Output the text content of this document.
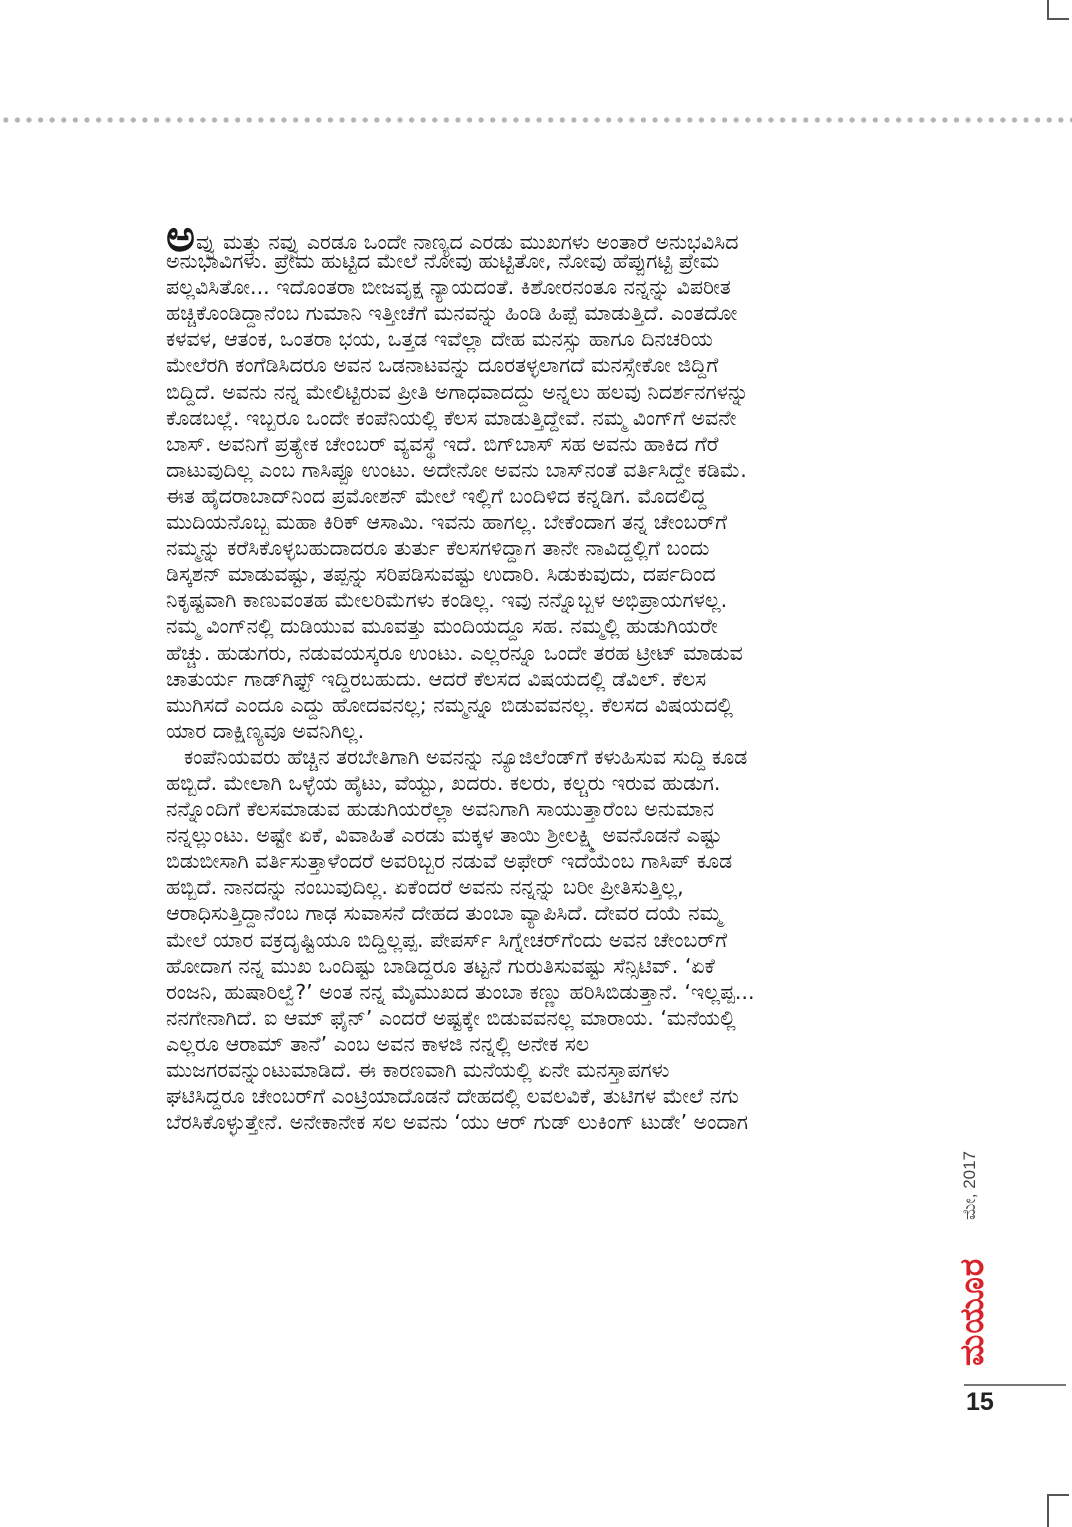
ಅವ್ವು ಮತ್ತು ನವ್ವು ಎರಡೂ ಒಂದೇ ನಾಣ್ಯದ ಎರಡು ಮುಖಗಳು ಅಂತಾರೆ ಅನುಭವಿಸಿದ
ಅನುಭಾವಿಗಳು. ಪ್ರೇಮ ಹುಟ್ಟಿದ ಮೇಲೆ ನೋವು ಹುಟ್ಟಿತೋ, ನೋವು ಹೆಪ್ಪುಗಟ್ಟಿ ಪ್ರೇಮ
ಪಲ್ಲವಿಸಿತೋ... ಇದೊಂತರಾ ಬೀಜವೃಕ್ಷ ನ್ಯಾಯದಂತೆ. ಕಿಶೋರನಂತೂ ನನ್ನನ್ನು ವಿಪರೀತ
ಹಚ್ಚಿಕೊಂಡಿದ್ದಾನೆಂಬ ಗುಮಾನಿ ಇತ್ತೀಚೆಗೆ ಮನವನ್ನು ಹಿಂಡಿ ಹಿಪ್ಪೆ ಮಾಡುತ್ತಿದೆ. ಎಂತದೋ
ಕಳವಳ, ಆತಂಕ, ಒಂತರಾ ಭಯ, ಒತ್ತಡ ಇವೆಲ್ಲಾ ದೇಹ ಮನಸ್ಸು ಹಾಗೂ ದಿನಚರಿಯ
ಮೇಲೆರಗಿ ಕಂಗೆಡಿಸಿದರೂ ಅವನ ಒಡನಾಟವನ್ನು ದೂರತಳ್ಳಲಾಗದೆ ಮನಸ್ಸೇಕೋ ಜಿದ್ದಿಗೆ
ಬಿದ್ದಿದೆ. ಅವನು ನನ್ನ ಮೇಲಿಟ್ಟಿರುವ ಪ್ರೀತಿ ಅಗಾಧವಾದದ್ದು ಅನ್ನಲು ಹಲವು ನಿದರ್ಶನಗಳನ್ನು
ಕೊಡಬಲ್ಲೆ. ಇಬ್ಬರೂ ಒಂದೇ ಕಂಪೆನಿಯಲ್ಲಿ ಕೆಲಸ ಮಾಡುತ್ತಿದ್ದೇವೆ. ನಮ್ಮ ವಿಂಗ್‌ಗೆ ಅವನೇ
ಬಾಸ್. ಅವನಿಗೆ ಪ್ರತ್ಯೇಕ ಚೇಂಬರ್ ವ್ಯವಸ್ಥೆ ಇದೆ. ಬಿಗ್‌ಬಾಸ್ ಸಹ ಅವನು ಹಾಕಿದ ಗೆರೆ
ದಾಟುವುದಿಲ್ಲ ಎಂಬ ಗಾಸಿಪ್ಪೂ ಉಂಟು. ಅದೇನೋ ಅವನು ಬಾಸ್‌ನಂತೆ ವರ್ತಿಸಿದ್ದೇ ಕಡಿಮೆ.
ಈತ ಹೈದರಾಬಾದ್‌ನಿಂದ ಪ್ರಮೋಶನ್ ಮೇಲೆ ಇಲ್ಲಿಗೆ ಬಂದಿಳಿದ ಕನ್ನಡಿಗ. ಮೊದಲಿದ್ದ
ಮುದಿಯನೊಬ್ಬ ಮಹಾ ಕಿರಿಕ್ ಆಸಾಮಿ. ಇವನು ಹಾಗಲ್ಲ. ಬೇಕೆಂದಾಗ ತನ್ನ ಚೇಂಬರ್‌ಗೆ
ನಮ್ಮನ್ನು ಕರೆಸಿಕೊಳ್ಳಬಹುದಾದರೂ ತುರ್ತು ಕೆಲಸಗಳಿದ್ದಾಗ ತಾನೇ ನಾವಿದ್ದಲ್ಲಿಗೆ ಬಂದು
ಡಿಸ್ಕಶನ್ ಮಾಡುವಷ್ಟು, ತಪ್ಪನ್ನು ಸರಿಪಡಿಸುವಷ್ಟು ಉದಾರಿ. ಸಿಡುಕುವುದು, ದರ್ಪದಿಂದ
ನಿಕೃಷ್ಟವಾಗಿ ಕಾಣುವಂತಹ ಮೇಲರಿಮೆಗಳು ಕಂಡಿಲ್ಲ. ಇವು ನನ್ನೊಬ್ಬಳ ಅಭಿಪ್ರಾಯಗಳಲ್ಲ.
ನಮ್ಮ ವಿಂಗ್‌ನಲ್ಲಿ ದುಡಿಯುವ ಮೂವತ್ತು ಮಂದಿಯದ್ದೂ ಸಹ. ನಮ್ಮಲ್ಲಿ ಹುಡುಗಿಯರೇ
ಹೆಚ್ಚು. ಹುಡುಗರು, ನಡುವಯಸ್ಕರೂ ಉಂಟು. ಎಲ್ಲರನ್ನೂ ಒಂದೇ ತರಹ ಟ್ರೀಟ್ ಮಾಡುವ
ಚಾತುರ್ಯ ಗಾಡ್‌ಗಿಫ್ಟ್ ಇದ್ದಿರಬಹುದು. ಆದರೆ ಕೆಲಸದ ವಿಷಯದಲ್ಲಿ ಡೆವಿಲ್. ಕೆಲಸ
ಮುಗಿಸದೆ ಎಂದೂ ಎದ್ದು ಹೋದವನಲ್ಲ; ನಮ್ಮನ್ನೂ ಬಿಡುವವನಲ್ಲ. ಕೆಲಸದ ವಿಷಯದಲ್ಲಿ
ಯಾರ ದಾಕ್ಷಿಣ್ಯವೂ ಅವನಿಗಿಲ್ಲ.

ಕಂಪೆನಿಯವರು ಹೆಚ್ಚಿನ ತರಬೇತಿಗಾಗಿ ಅವನನ್ನು ನ್ಯೂಜಿಲೆಂಡ್‌ಗೆ ಕಳುಹಿಸುವ ಸುದ್ದಿ ಕೂಡ
ಹಬ್ಬಿದೆ. ಮೇಲಾಗಿ ಒಳ್ಳೆಯ ಹೈಟು, ವೆಯ್ಟು, ಖದರು. ಕಲರು, ಕಲ್ಚರು ಇರುವ ಹುಡುಗ.
ನನ್ನೊಂದಿಗೆ ಕೆಲಸಮಾಡುವ ಹುಡುಗಿಯರೆಲ್ಲಾ ಅವನಿಗಾಗಿ ಸಾಯುತ್ತಾರೆಂಬ ಅನುಮಾನ
ನನ್ನಲ್ಲುಂಟು. ಅಷ್ಟೇ ಏಕೆ, ವಿವಾಹಿತೆ ಎರಡು ಮಕ್ಕಳ ತಾಯಿ ಶ್ರೀಲಕ್ಷ್ಮಿ ಅವನೊಡನೆ ಎಷ್ಟು
ಬಿಡುಬೀಸಾಗಿ ವರ್ತಿಸುತ್ತಾಳೆಂದರೆ ಅವರಿಬ್ಬರ ನಡುವೆ ಅಫೇರ್ ಇದೆಯೆಂಬ ಗಾಸಿಪ್ ಕೂಡ
ಹಬ್ಬಿದೆ. ನಾನದನ್ನು ನಂಬುವುದಿಲ್ಲ. ಏಕೆಂದರೆ ಅವನು ನನ್ನನ್ನು ಬರೀ ಪ್ರೀತಿಸುತ್ತಿಲ್ಲ,
ಆರಾಧಿಸುತ್ತಿದ್ದಾನೆಂಬ ಗಾಢ ಸುವಾಸನೆ ದೇಹದ ತುಂಬಾ ವ್ಯಾಪಿಸಿದೆ. ದೇವರ ದಯೆ ನಮ್ಮ
ಮೇಲೆ ಯಾರ ವಕ್ರದೃಷ್ಟಿಯೂ ಬಿದ್ದಿಲ್ಲಪ್ಪ. ಪೇಪರ್ಸ್ ಸಿಗ್ನೇಚರ್‌ಗೆಂದು ಅವನ ಚೇಂಬರ್‌ಗೆ
ಹೋದಾಗ ನನ್ನ ಮುಖ ಒಂದಿಷ್ಟು ಬಾಡಿದ್ದರೂ ತಟ್ಟನೆ ಗುರುತಿಸುವಷ್ಟು ಸೆನ್ಸಿಟಿವ್. ‘ಏಕೆ
ರಂಜನಿ, ಹುಷಾರಿಲ್ವೆ?’ ಅಂತ ನನ್ನ ಮೈಮುಖದ ತುಂಬಾ ಕಣ್ಣು ಹರಿಸಿಬಿಡುತ್ತಾನೆ. ‘ಇಲ್ಲಪ್ಪ...
ನನಗೇನಾಗಿದೆ. ಐ ಆಮ್ ಫೈನ್’ ಎಂದರೆ ಅಷ್ಟಕ್ಕೇ ಬಿಡುವವನಲ್ಲ ಮಾರಾಯ. ‘ಮನೆಯಲ್ಲಿ
ಎಲ್ಲರೂ ಆರಾಮ್ ತಾನೆ’ ಎಂಬ ಅವನ ಕಾಳಜಿ ನನ್ನಲ್ಲಿ ಅನೇಕ ಸಲ
ಮುಜಗರವನ್ನುಂಟುಮಾಡಿದೆ. ಈ ಕಾರಣವಾಗಿ ಮನೆಯಲ್ಲಿ ಏನೇ ಮನಸ್ತಾಪಗಳು
ಘಟಿಸಿದ್ದರೂ ಚೇಂಬರ್‌ಗೆ ಎಂಟ್ರಿಯಾದೊಡನೆ ದೇಹದಲ್ಲಿ ಲವಲವಿಕೆ, ತುಟಿಗಳ ಮೇಲೆ ನಗು
ಬೆರಸಿಕೊಳ್ಳುತ್ತೇನೆ. ಅನೇಕಾನೇಕ ಸಲ ಅವನು ‘ಯು ಆರ್ ಗುಡ್ ಲುಕಿಂಗ್ ಟುಡೇ’ ಅಂದಾಗ

ಮೇ, 2017
ಮಯೂರ
15
